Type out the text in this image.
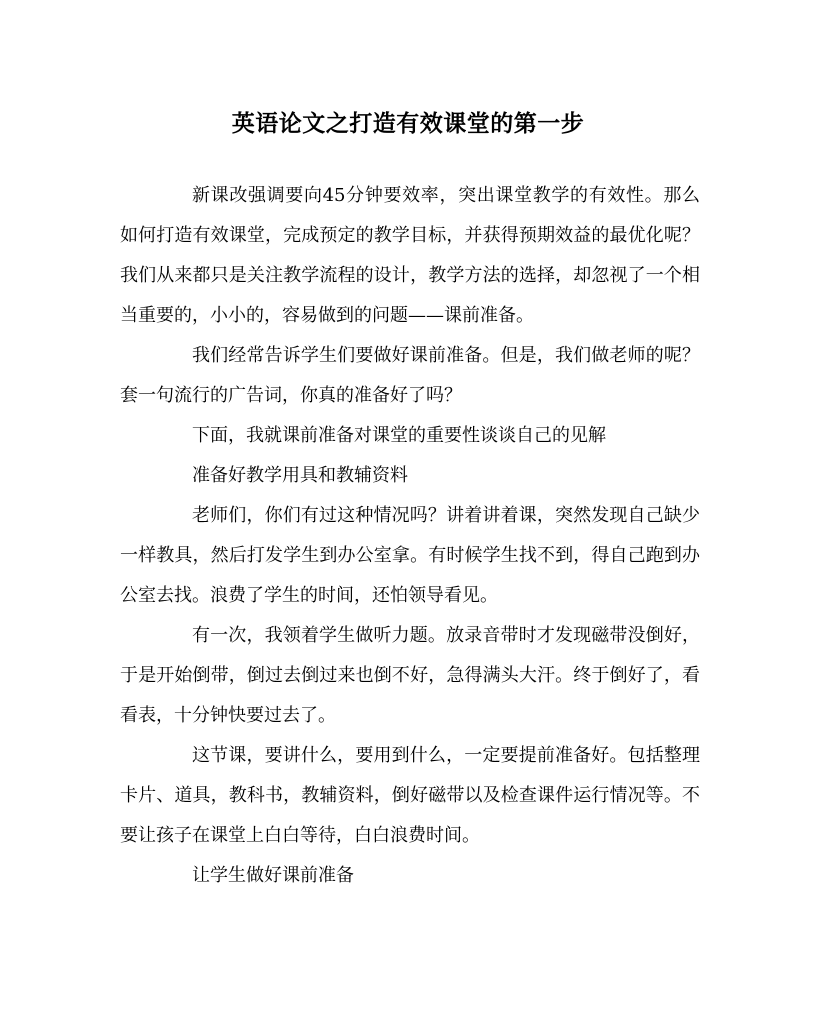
英语论文之打造有效课堂的第一步

新课改强调要向45分钟要效率，突出课堂教学的有效性。那么如何打造有效课堂，完成预定的教学目标，并获得预期效益的最优化呢？我们从来都只是关注教学流程的设计，教学方法的选择，却忽视了一个相当重要的，小小的，容易做到的问题——课前准备。

我们经常告诉学生们要做好课前准备。但是，我们做老师的呢？套一句流行的广告词，你真的准备好了吗？

下面，我就课前准备对课堂的重要性谈谈自己的见解

准备好教学用具和教辅资料

老师们，你们有过这种情况吗？讲着讲着课，突然发现自己缺少一样教具，然后打发学生到办公室拿。有时候学生找不到，得自己跑到办公室去找。浪费了学生的时间，还怕领导看见。

有一次，我领着学生做听力题。放录音带时才发现磁带没倒好，于是开始倒带，倒过去倒过来也倒不好，急得满头大汗。终于倒好了，看看表，十分钟快要过去了。

这节课，要讲什么，要用到什么，一定要提前准备好。包括整理卡片、道具，教科书，教辅资料，倒好磁带以及检查课件运行情况等。不要让孩子在课堂上白白等待，白白浪费时间。

让学生做好课前准备
